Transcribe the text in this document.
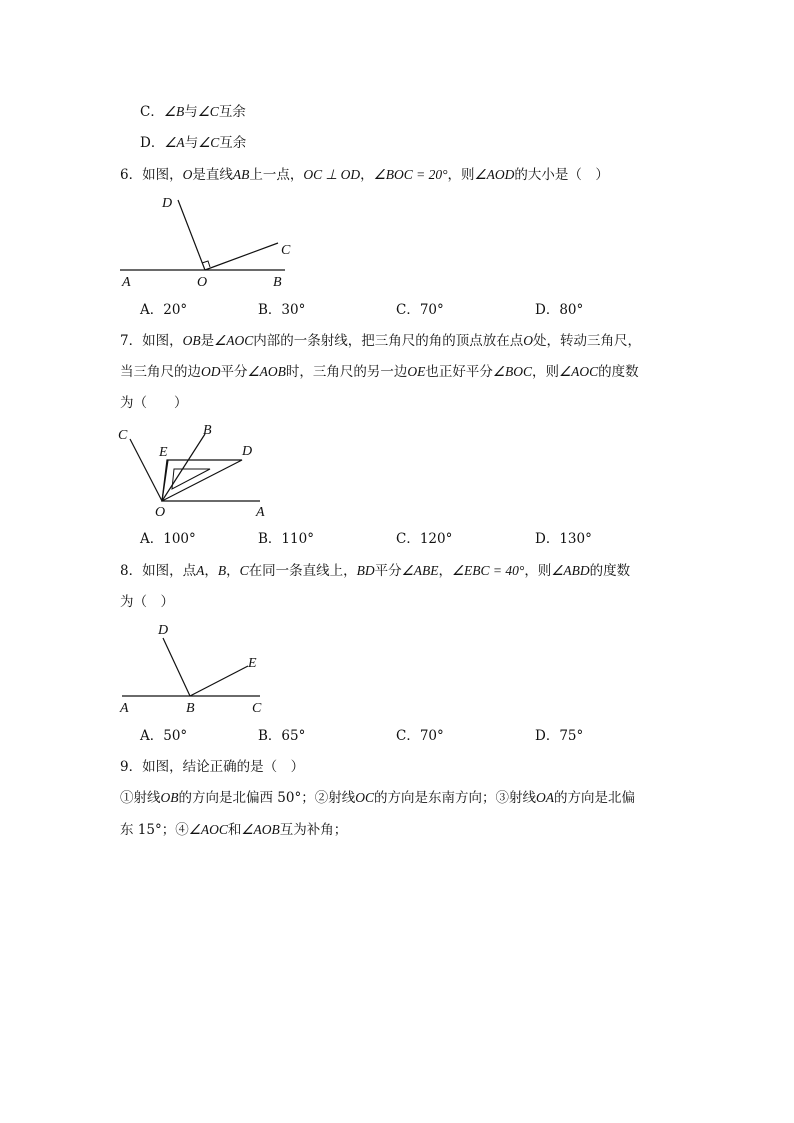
C．∠B与∠C互余
D．∠A与∠C互余
6．如图，O是直线AB上一点，OC ⊥ OD，∠BOC = 20°，则∠AOD的大小是（　）
D
C
A	O	B
A．20°	B．30°	C．70°	D．80°
7．如图，OB是∠AOC内部的一条射线，把三角尺的角的顶点放在点O处，转动三角尺，
当三角尺的边OD平分∠AOB时，三角尺的另一边OE也正好平分∠BOC，则∠AOC的度数
为（　　）
C	B
E	D
O	A
A．100°	B．110°	C．120°	D．130°
8．如图，点A，B，C在同一条直线上，BD平分∠ABE，∠EBC = 40°，则∠ABD的度数
为（　）
D
E
A	B	C
A．50°	B．65°	C．70°	D．75°
9．如图，结论正确的是（　）
①射线OB的方向是北偏西 50°；②射线OC的方向是东南方向；③射线OA的方向是北偏
东 15°；④∠AOC和∠AOB互为补角；
